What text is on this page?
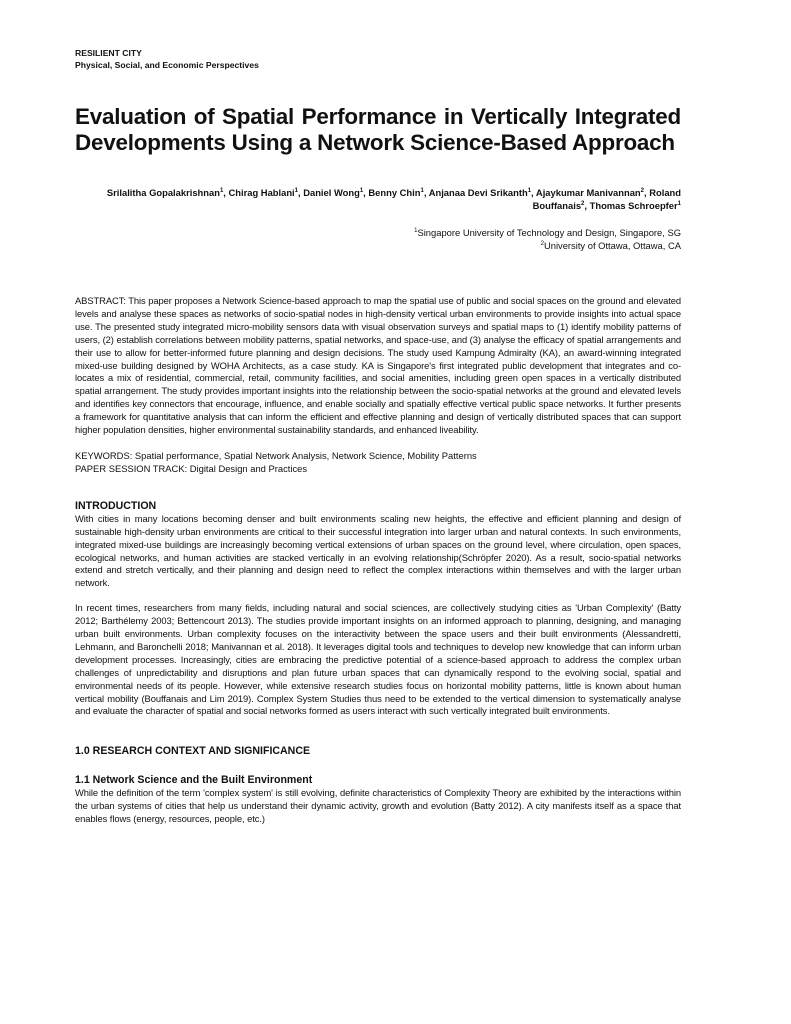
RESILIENT CITY
Physical, Social, and Economic Perspectives
Evaluation of Spatial Performance in Vertically Integrated Developments Using a Network Science-Based Approach
Srilalitha Gopalakrishnan$^1$, Chirag Hablani$^1$, Daniel Wong$^1$, Benny Chin$^1$, Anjanaa Devi Srikanth$^1$, Ajaykumar Manivannan$^2$, Roland Bouffanais$^2$, Thomas Schroepfer$^1$
$^1$Singapore University of Technology and Design, Singapore, SG
$^2$University of Ottawa, Ottawa, CA

ABSTRACT: This paper proposes a Network Science-based approach to map the spatial use of public and social spaces on the ground and elevated levels and analyse these spaces as networks of socio-spatial nodes in high-density vertical urban environments to provide insights into actual space use. The presented study integrated micro-mobility sensors data with visual observation surveys and spatial maps to (1) identify mobility patterns of users, (2) establish correlations between mobility patterns, spatial networks, and space-use, and (3) analyse the efficacy of spatial arrangements and their use to allow for better-informed future planning and design decisions. The study used Kampung Admiralty (KA), an award-winning integrated mixed-use building designed by WOHA Architects, as a case study. KA is Singapore's first integrated public development that integrates and co-locates a mix of residential, commercial, retail, community facilities, and social amenities, including green open spaces in a vertically distributed spatial arrangement. The study provides important insights into the relationship between the socio-spatial networks at the ground and elevated levels and identifies key connectors that encourage, influence, and enable socially and spatially effective vertical public space networks. It further presents a framework for quantitative analysis that can inform the efficient and effective planning and design of vertically distributed spaces that can support higher population densities, higher environmental sustainability standards, and enhanced liveability.

KEYWORDS: Spatial performance, Spatial Network Analysis, Network Science, Mobility Patterns
PAPER SESSION TRACK: Digital Design and Practices
INTRODUCTION

With cities in many locations becoming denser and built environments scaling new heights, the effective and efficient planning and design of sustainable high-density urban environments are critical to their successful integration into larger urban and natural contexts. In such environments, integrated mixed-use buildings are increasingly becoming vertical extensions of urban spaces on the ground level, where circulation, open spaces, ecological networks, and human activities are stacked vertically in an evolving relationship(Schröpfer 2020). As a result, socio-spatial networks extend and stretch vertically, and their planning and design need to reflect the complex interactions within themselves and with the larger urban network.

In recent times, researchers from many fields, including natural and social sciences, are collectively studying cities as 'Urban Complexity' (Batty 2012; Barthélemy 2003; Bettencourt 2013). The studies provide important insights on an informed approach to planning, designing, and managing urban built environments. Urban complexity focuses on the interactivity between the space users and their built environments (Alessandretti, Lehmann, and Baronchelli 2018; Manivannan et al. 2018). It leverages digital tools and techniques to develop new knowledge that can inform urban development processes. Increasingly, cities are embracing the predictive potential of a science-based approach to address the complex urban challenges of unpredictability and disruptions and plan future urban spaces that can dynamically respond to the evolving social, spatial and environmental needs of its people. However, while extensive research studies focus on horizontal mobility patterns, little is known about human vertical mobility (Bouffanais and Lim 2019). Complex System Studies thus need to be extended to the vertical dimension to systematically analyse and evaluate the character of spatial and social networks formed as users interact with such vertically integrated built environments.

1.0 RESEARCH CONTEXT AND SIGNIFICANCE
1.1 Network Science and the Built Environment

While the definition of the term 'complex system' is still evolving, definite characteristics of Complexity Theory are exhibited by the interactions within the urban systems of cities that help us understand their dynamic activity, growth and evolution (Batty 2012). A city manifests itself as a space that enables flows (energy, resources, people, etc.)
